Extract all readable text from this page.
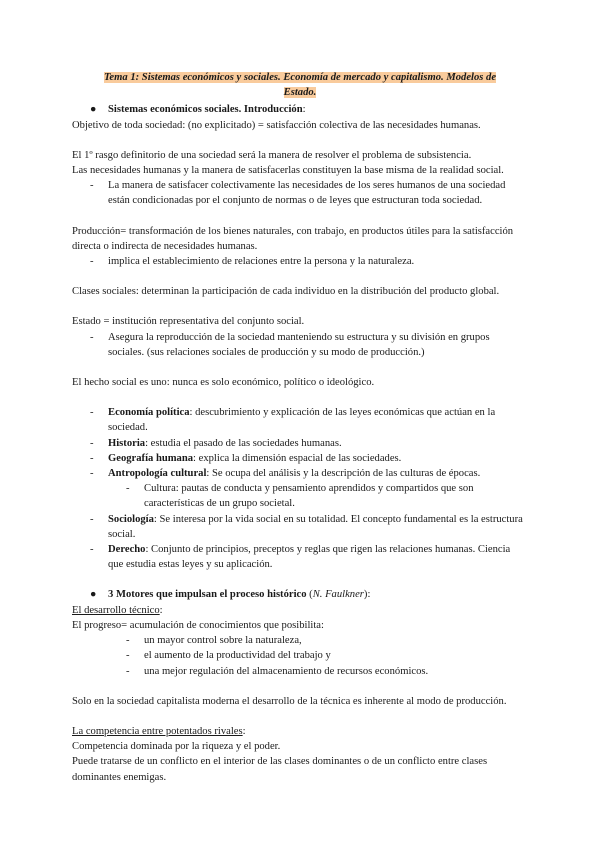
Tema 1: Sistemas económicos y sociales. Economía de mercado y capitalismo. Modelos de
Estado.
●	Sistemas económicos sociales. Introducción:

Objetivo de toda sociedad: (no explicitado) = satisfacción colectiva de las necesidades humanas.

El 1º rasgo definitorio de una sociedad será la manera de resolver el problema de subsistencia.

Las necesidades humanas y la manera de satisfacerlas constituyen la base misma de la realidad social.

-	La manera de satisfacer colectivamente las necesidades de los seres humanos de una sociedad están condicionadas por el conjunto de normas o de leyes que estructuran toda sociedad.

Producción= transformación de los bienes naturales, con trabajo, en productos útiles para la satisfacción directa o indirecta de necesidades humanas.

-	implica el establecimiento de relaciones entre la persona y la naturaleza.

Clases sociales: determinan la participación de cada individuo en la distribución del producto global.

Estado = institución representativa del conjunto social.

-	Asegura la reproducción de la sociedad manteniendo su estructura y su división en grupos sociales. (sus relaciones sociales de producción y su modo de producción.)

El hecho social es uno: nunca es solo económico, político o ideológico.

-	Economía política: descubrimiento y explicación de las leyes económicas que actúan en la sociedad.
-	Historia: estudia el pasado de las sociedades humanas.
-	Geografía humana: explica la dimensión espacial de las sociedades.
-	Antropología cultural: Se ocupa del análisis y la descripción de las culturas de épocas.
-	Cultura: pautas de conducta y pensamiento aprendidos y compartidos que son características de un grupo societal.
-	Sociología: Se interesa por la vida social en su totalidad. El concepto fundamental es la estructura social.
-	Derecho: Conjunto de principios, preceptos y reglas que rigen las relaciones humanas. Ciencia que estudia estas leyes y su aplicación.
●	3 Motores que impulsan el proceso histórico (N. Faulkner):

El desarrollo técnico:

El progreso= acumulación de conocimientos que posibilita:

-	un mayor control sobre la naturaleza,
-	el aumento de la productividad del trabajo y
-	una mejor regulación del almacenamiento de recursos económicos.

Solo en la sociedad capitalista moderna el desarrollo de la técnica es inherente al modo de producción.

La competencia entre potentados rivales:

Competencia dominada por la riqueza y el poder.

Puede tratarse de un conflicto en el interior de las clases dominantes o de un conflicto entre clases dominantes enemigas.
